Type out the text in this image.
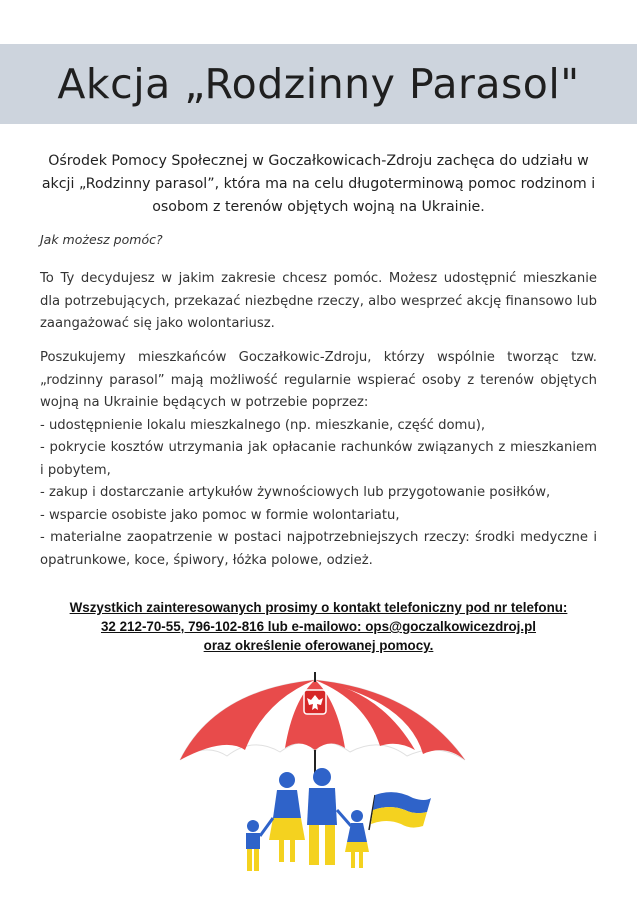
Akcja „Rodzinny Parasol"
Ośrodek Pomocy Społecznej w Goczałkowicach-Zdroju zachęca do udziału w akcji „Rodzinny parasol”, która ma na celu długoterminową pomoc rodzinom i osobom z terenów objętych wojną na Ukrainie.
Jak możesz pomóc?

To Ty decydujesz w jakim zakresie chcesz pomóc. Możesz udostępnić mieszkanie dla potrzebujących, przekazać niezbędne rzeczy, albo wesprzeć akcję finansowo lub zaangażować się jako wolontariusz.

Poszukujemy mieszkańców Goczałkowic-Zdroju, którzy wspólnie tworząc tzw. „rodzinny parasol” mają możliwość regularnie wspierać osoby z terenów objętych wojną na Ukrainie będących w potrzebie poprzez:
- udostępnienie lokalu mieszkalnego (np. mieszkanie, część domu),
- pokrycie kosztów utrzymania jak opłacanie rachunków związanych z mieszkaniem i pobytem,
- zakup i dostarczanie artykułów żywnościowych lub przygotowanie posiłków,
- wsparcie osobiste jako pomoc w formie wolontariatu,
- materialne zaopatrzenie w postaci najpotrzebniejszych rzeczy: środki medyczne i opatrunkowe, koce, śpiwory, łóżka polowe, odzież.
Wszystkich zainteresowanych prosimy o kontakt telefoniczny pod nr telefonu:
32 212-70-55, 796-102-816 lub e-mailowo: ops@goczalkowicezdroj.pl
oraz określenie oferowanej pomocy.
